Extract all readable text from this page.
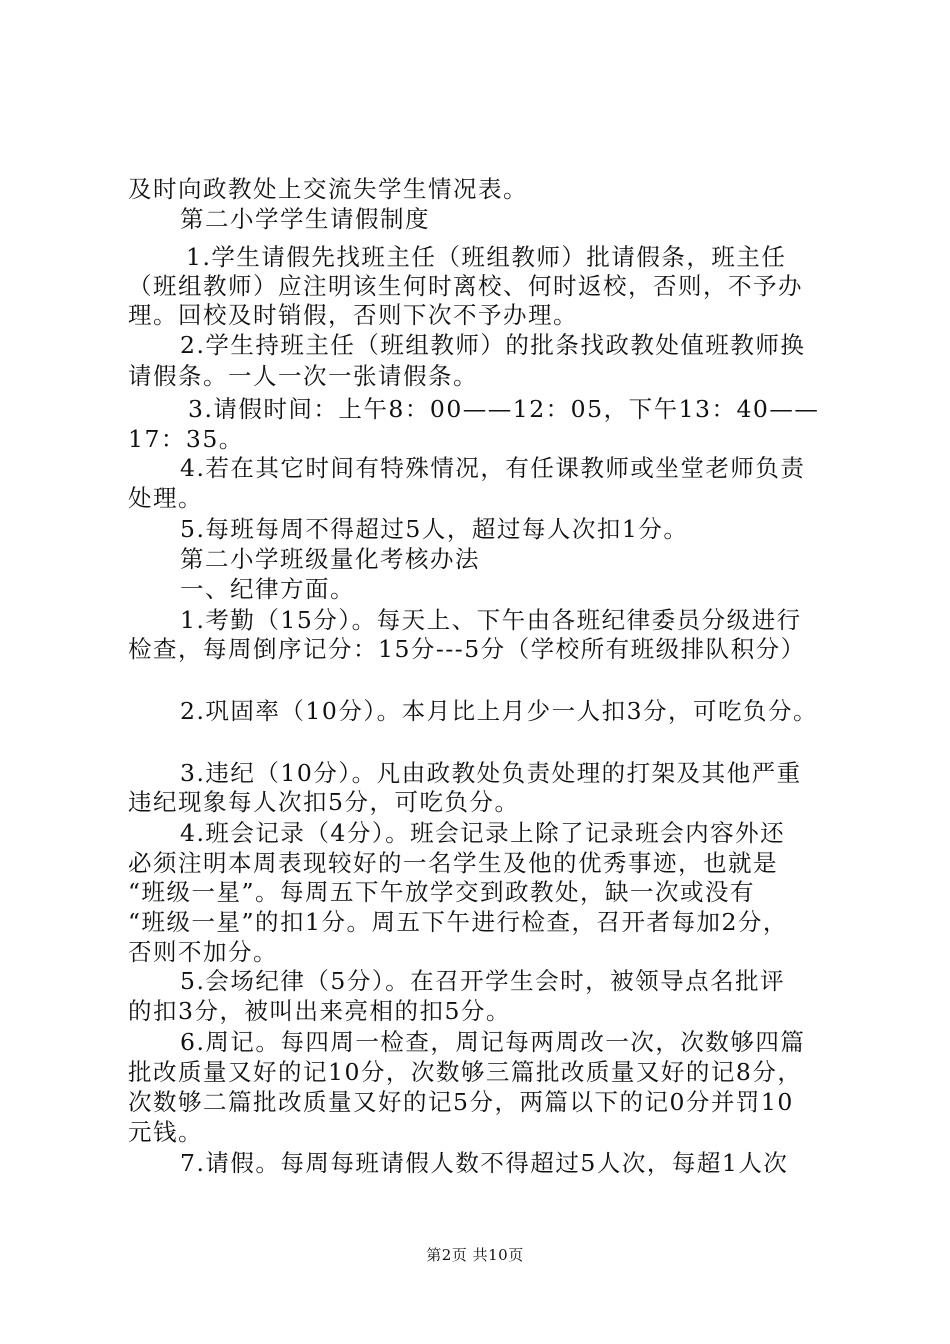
及时向政教处上交流失学生情况表。
第二小学学生请假制度
1.学生请假先找班主任（班组教师）批请假条，班主任
（班组教师）应注明该生何时离校、何时返校，否则，不予办
理。回校及时销假，否则下次不予办理。
2.学生持班主任（班组教师）的批条找政教处值班教师换
请假条。一人一次一张请假条。
3.请假时间：上午8：00——12：05，下午13：40——
17：35。
4.若在其它时间有特殊情况，有任课教师或坐堂老师负责
处理。
5.每班每周不得超过5人，超过每人次扣1分。
第二小学班级量化考核办法
一、纪律方面。
1.考勤（15分）。每天上、下午由各班纪律委员分级进行
检查，每周倒序记分：15分---5分（学校所有班级排队积分）
2.巩固率（10分）。本月比上月少一人扣3分，可吃负分。
3.违纪（10分）。凡由政教处负责处理的打架及其他严重
违纪现象每人次扣5分，可吃负分。
4.班会记录（4分）。班会记录上除了记录班会内容外还
必须注明本周表现较好的一名学生及他的优秀事迹，也就是
“班级一星”。每周五下午放学交到政教处，缺一次或没有
“班级一星”的扣1分。周五下午进行检查，召开者每加2分，
否则不加分。
5.会场纪律（5分）。在召开学生会时，被领导点名批评
的扣3分，被叫出来亮相的扣5分。
6.周记。每四周一检查，周记每两周改一次，次数够四篇
批改质量又好的记10分，次数够三篇批改质量又好的记8分，
次数够二篇批改质量又好的记5分，两篇以下的记0分并罚10
元钱。
7.请假。每周每班请假人数不得超过5人次，每超1人次
第2页 共10页
